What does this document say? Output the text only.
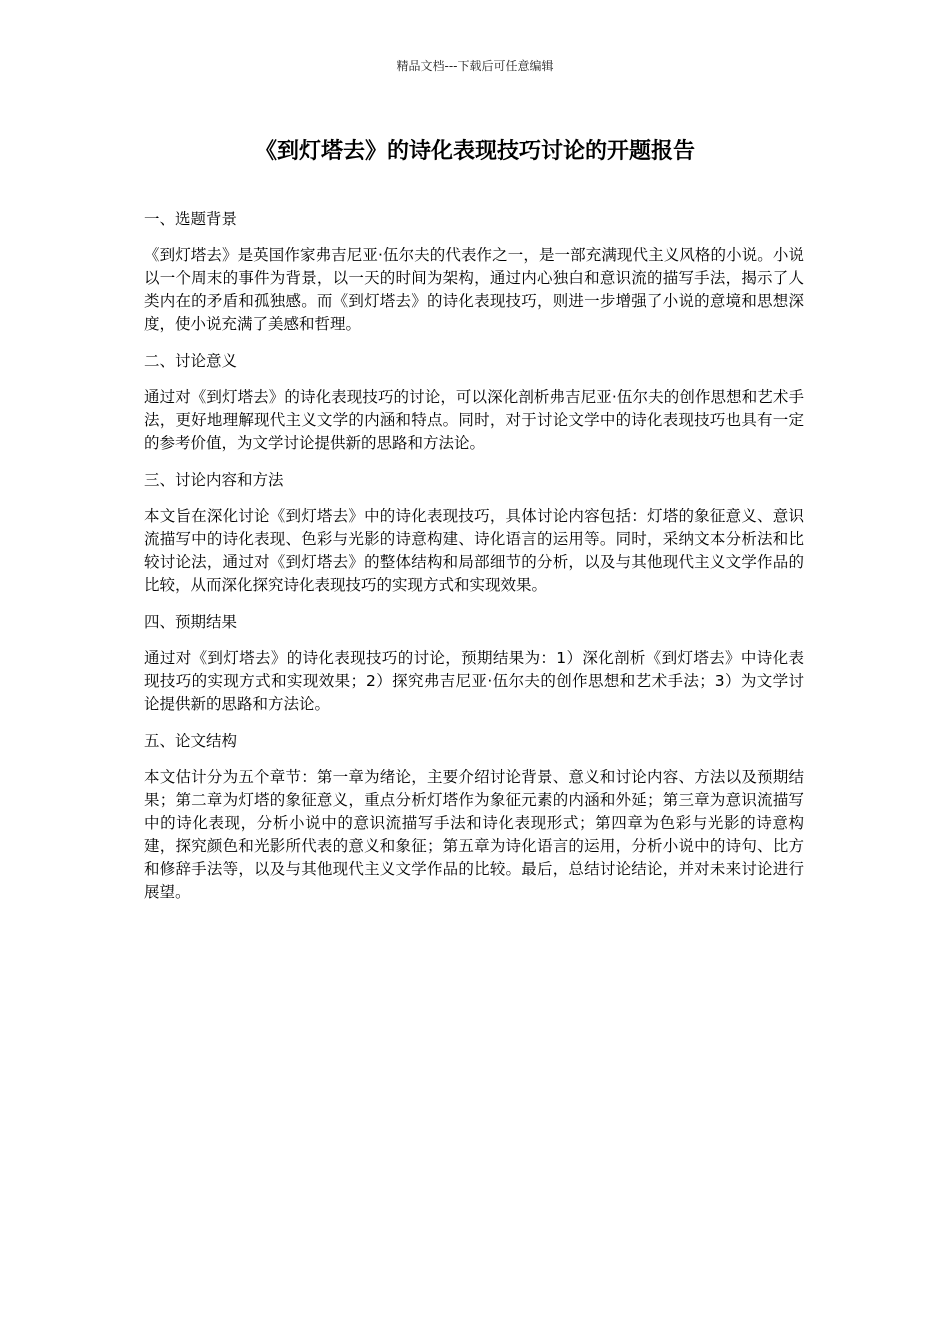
精品文档---下载后可任意编辑
《到灯塔去》的诗化表现技巧讨论的开题报告
一、选题背景

《到灯塔去》是英国作家弗吉尼亚·伍尔夫的代表作之一，是一部充满现代主义风格的小说。小说以一个周末的事件为背景，以一天的时间为架构，通过内心独白和意识流的描写手法，揭示了人类内在的矛盾和孤独感。而《到灯塔去》的诗化表现技巧，则进一步增强了小说的意境和思想深度，使小说充满了美感和哲理。

二、讨论意义

通过对《到灯塔去》的诗化表现技巧的讨论，可以深化剖析弗吉尼亚·伍尔夫的创作思想和艺术手法，更好地理解现代主义文学的内涵和特点。同时，对于讨论文学中的诗化表现技巧也具有一定的参考价值，为文学讨论提供新的思路和方法论。

三、讨论内容和方法

本文旨在深化讨论《到灯塔去》中的诗化表现技巧，具体讨论内容包括：灯塔的象征意义、意识流描写中的诗化表现、色彩与光影的诗意构建、诗化语言的运用等。同时，采纳文本分析法和比较讨论法，通过对《到灯塔去》的整体结构和局部细节的分析，以及与其他现代主义文学作品的比较，从而深化探究诗化表现技巧的实现方式和实现效果。

四、预期结果

通过对《到灯塔去》的诗化表现技巧的讨论，预期结果为：1）深化剖析《到灯塔去》中诗化表现技巧的实现方式和实现效果；2）探究弗吉尼亚·伍尔夫的创作思想和艺术手法；3）为文学讨论提供新的思路和方法论。

五、论文结构

本文估计分为五个章节：第一章为绪论，主要介绍讨论背景、意义和讨论内容、方法以及预期结果；第二章为灯塔的象征意义，重点分析灯塔作为象征元素的内涵和外延；第三章为意识流描写中的诗化表现，分析小说中的意识流描写手法和诗化表现形式；第四章为色彩与光影的诗意构建，探究颜色和光影所代表的意义和象征；第五章为诗化语言的运用，分析小说中的诗句、比方和修辞手法等，以及与其他现代主义文学作品的比较。最后，总结讨论结论，并对未来讨论进行展望。
